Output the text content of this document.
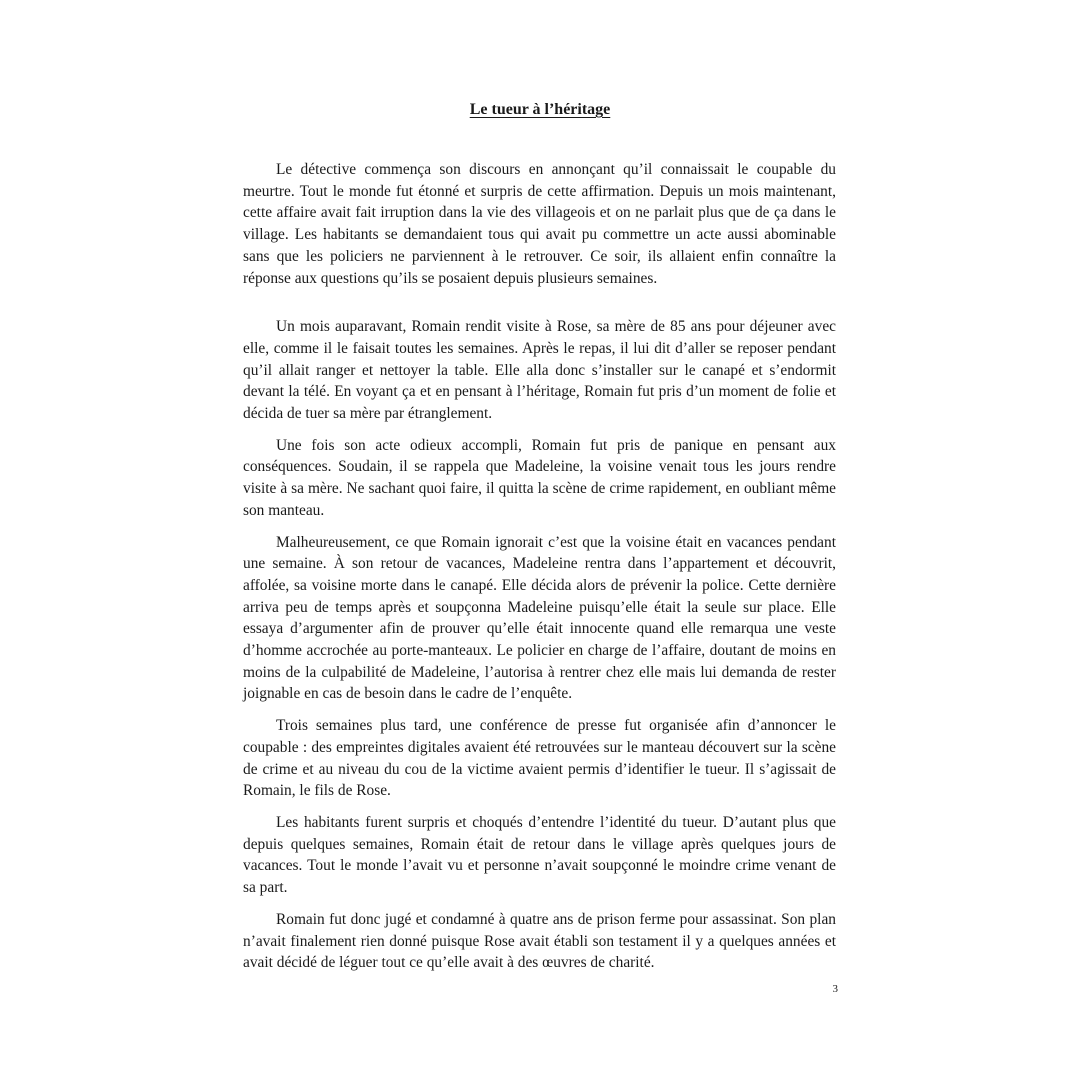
Le tueur à l’héritage

Le détective commença son discours en annonçant qu’il connaissait le coupable du meurtre. Tout le monde fut étonné et surpris de cette affirmation. Depuis un mois maintenant, cette affaire avait fait irruption dans la vie des villageois et on ne parlait plus que de ça dans le village. Les habitants se demandaient tous qui avait pu commettre un acte aussi abominable sans que les policiers ne parviennent à le retrouver. Ce soir, ils allaient enfin connaître la réponse aux questions qu’ils se posaient depuis plusieurs semaines.

Un mois auparavant, Romain rendit visite à Rose, sa mère de 85 ans pour déjeuner avec elle, comme il le faisait toutes les semaines. Après le repas, il lui dit d’aller se reposer pendant qu’il allait ranger et nettoyer la table. Elle alla donc s’installer sur le canapé et s’endormit devant la télé. En voyant ça et en pensant à l’héritage, Romain fut pris d’un moment de folie et décida de tuer sa mère par étranglement.

Une fois son acte odieux accompli, Romain fut pris de panique en pensant aux conséquences. Soudain, il se rappela que Madeleine, la voisine venait tous les jours rendre visite à sa mère. Ne sachant quoi faire, il quitta la scène de crime rapidement, en oubliant même son manteau.

Malheureusement, ce que Romain ignorait c’est que la voisine était en vacances pendant une semaine. À son retour de vacances, Madeleine rentra dans l’appartement et découvrit, affolée, sa voisine morte dans le canapé. Elle décida alors de prévenir la police. Cette dernière arriva peu de temps après et soupçonna Madeleine puisqu’elle était la seule sur place. Elle essaya d’argumenter afin de prouver qu’elle était innocente quand elle remarqua une veste d’homme accrochée au porte-manteaux. Le policier en charge de l’affaire, doutant de moins en moins de la culpabilité de Madeleine, l’autorisa à rentrer chez elle mais lui demanda de rester joignable en cas de besoin dans le cadre de l’enquête.

Trois semaines plus tard, une conférence de presse fut organisée afin d’annoncer le coupable : des empreintes digitales avaient été retrouvées sur le manteau découvert sur la scène de crime et au niveau du cou de la victime avaient permis d’identifier le tueur. Il s’agissait de Romain, le fils de Rose.

Les habitants furent surpris et choqués d’entendre l’identité du tueur. D’autant plus que depuis quelques semaines, Romain était de retour dans le village après quelques jours de vacances. Tout le monde l’avait vu et personne n’avait soupçonné le moindre crime venant de sa part.

Romain fut donc jugé et condamné à quatre ans de prison ferme pour assassinat. Son plan n’avait finalement rien donné puisque Rose avait établi son testament il y a quelques années et avait décidé de léguer tout ce qu’elle avait à des œuvres de charité.

3
